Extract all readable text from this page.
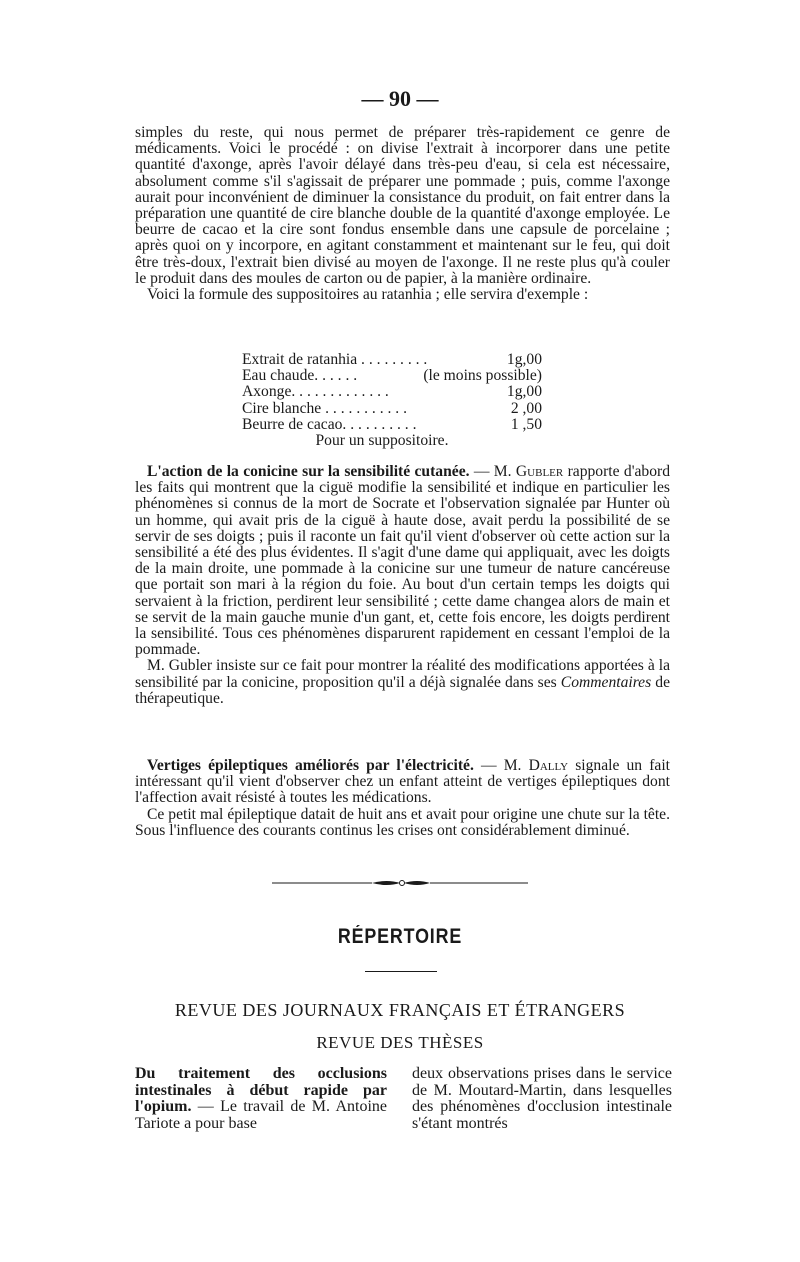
— 90 —

simples du reste, qui nous permet de préparer très-rapidement ce genre de médicaments. Voici le procédé : on divise l'extrait à incorporer dans une petite quantité d'axonge, après l'avoir délayé dans très-peu d'eau, si cela est nécessaire, absolument comme s'il s'agissait de préparer une pommade ; puis, comme l'axonge aurait pour inconvénient de diminuer la consistance du produit, on fait entrer dans la préparation une quantité de cire blanche double de la quantité d'axonge employée. Le beurre de cacao et la cire sont fondus ensemble dans une capsule de porcelaine ; après quoi on y incorpore, en agitant constamment et maintenant sur le feu, qui doit être très-doux, l'extrait bien divisé au moyen de l'axonge. Il ne reste plus qu'à couler le produit dans des moules de carton ou de papier, à la manière ordinaire.

Voici la formule des suppositoires au ratanhia ; elle servira d'exemple :

Extrait de ratanhia . . . . . . . . .	1g,00
Eau chaude. . . . . .	(le moins possible)
Axonge. . . . . . . . . . . . .	1g,00
Cire blanche . . . . . . . . . . .	2 ,00
Beurre de cacao. . . . . . . . . .	1 ,50
Pour un suppositoire.

L'action de la conicine sur la sensibilité cutanée. — M. Gubler rapporte d'abord les faits qui montrent que la ciguë modifie la sensibilité et indique en particulier les phénomènes si connus de la mort de Socrate et l'observation signalée par Hunter où un homme, qui avait pris de la ciguë à haute dose, avait perdu la possibilité de se servir de ses doigts ; puis il raconte un fait qu'il vient d'observer où cette action sur la sensibilité a été des plus évidentes. Il s'agit d'une dame qui appliquait, avec les doigts de la main droite, une pommade à la conicine sur une tumeur de nature cancéreuse que portait son mari à la région du foie. Au bout d'un certain temps les doigts qui servaient à la friction, perdirent leur sensibilité ; cette dame changea alors de main et se servit de la main gauche munie d'un gant, et, cette fois encore, les doigts perdirent la sensibilité. Tous ces phénomènes disparurent rapidement en cessant l'emploi de la pommade.

M. Gubler insiste sur ce fait pour montrer la réalité des modifications apportées à la sensibilité par la conicine, proposition qu'il a déjà signalée dans ses Commentaires de thérapeutique.

Vertiges épileptiques améliorés par l'électricité. — M. Dally signale un fait intéressant qu'il vient d'observer chez un enfant atteint de vertiges épileptiques dont l'affection avait résisté à toutes les médications.

Ce petit mal épileptique datait de huit ans et avait pour origine une chute sur la tête. Sous l'influence des courants continus les crises ont considérablement diminué.

RÉPERTOIRE
REVUE DES JOURNAUX FRANÇAIS ET ÉTRANGERS
REVUE DES THÈSES

Du traitement des occlusions intestinales à début rapide par l'opium. — Le travail de M. Antoine Tariote a pour base

deux observations prises dans le service de M. Moutard-Martin, dans lesquelles des phénomènes d'occlusion intestinale s'étant montrés
